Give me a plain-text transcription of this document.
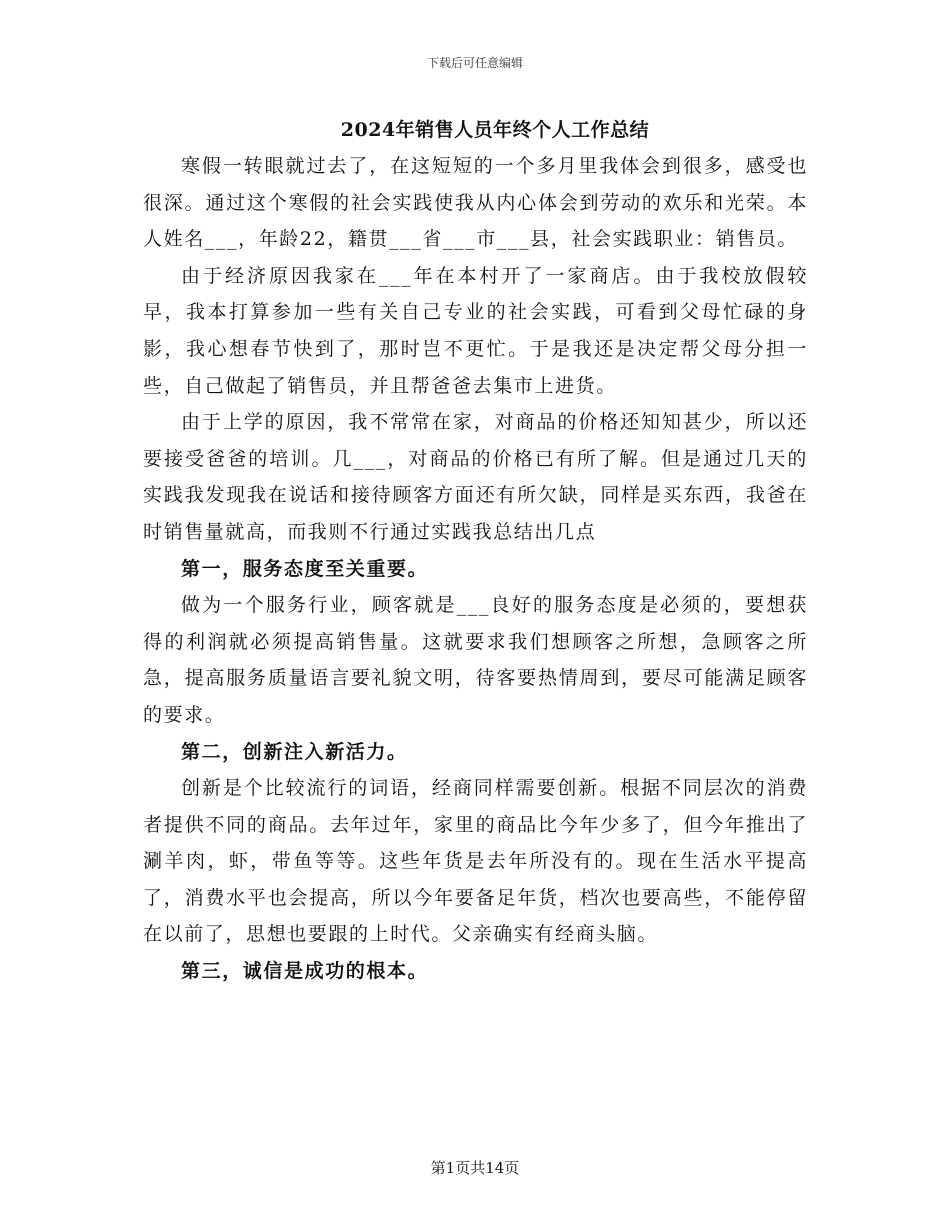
下载后可任意编辑
2024年销售人员年终个人工作总结

寒假一转眼就过去了，在这短短的一个多月里我体会到很多，感受也很深。通过这个寒假的社会实践使我从内心体会到劳动的欢乐和光荣。本人姓名___，年龄22，籍贯___省___市___县，社会实践职业：销售员。

由于经济原因我家在___年在本村开了一家商店。由于我校放假较早，我本打算参加一些有关自己专业的社会实践，可看到父母忙碌的身影，我心想春节快到了，那时岂不更忙。于是我还是决定帮父母分担一些，自己做起了销售员，并且帮爸爸去集市上进货。

由于上学的原因，我不常常在家，对商品的价格还知知甚少，所以还要接受爸爸的培训。几___，对商品的价格已有所了解。但是通过几天的实践我发现我在说话和接待顾客方面还有所欠缺，同样是买东西，我爸在时销售量就高，而我则不行通过实践我总结出几点

第一，服务态度至关重要。

做为一个服务行业，顾客就是___良好的服务态度是必须的，要想获得的利润就必须提高销售量。这就要求我们想顾客之所想，急顾客之所急，提高服务质量语言要礼貌文明，待客要热情周到，要尽可能满足顾客的要求。

第二，创新注入新活力。

创新是个比较流行的词语，经商同样需要创新。根据不同层次的消费者提供不同的商品。去年过年，家里的商品比今年少多了，但今年推出了涮羊肉，虾，带鱼等等。这些年货是去年所没有的。现在生活水平提高了，消费水平也会提高，所以今年要备足年货，档次也要高些，不能停留在以前了，思想也要跟的上时代。父亲确实有经商头脑。

第三，诚信是成功的根本。

第1页共14页
